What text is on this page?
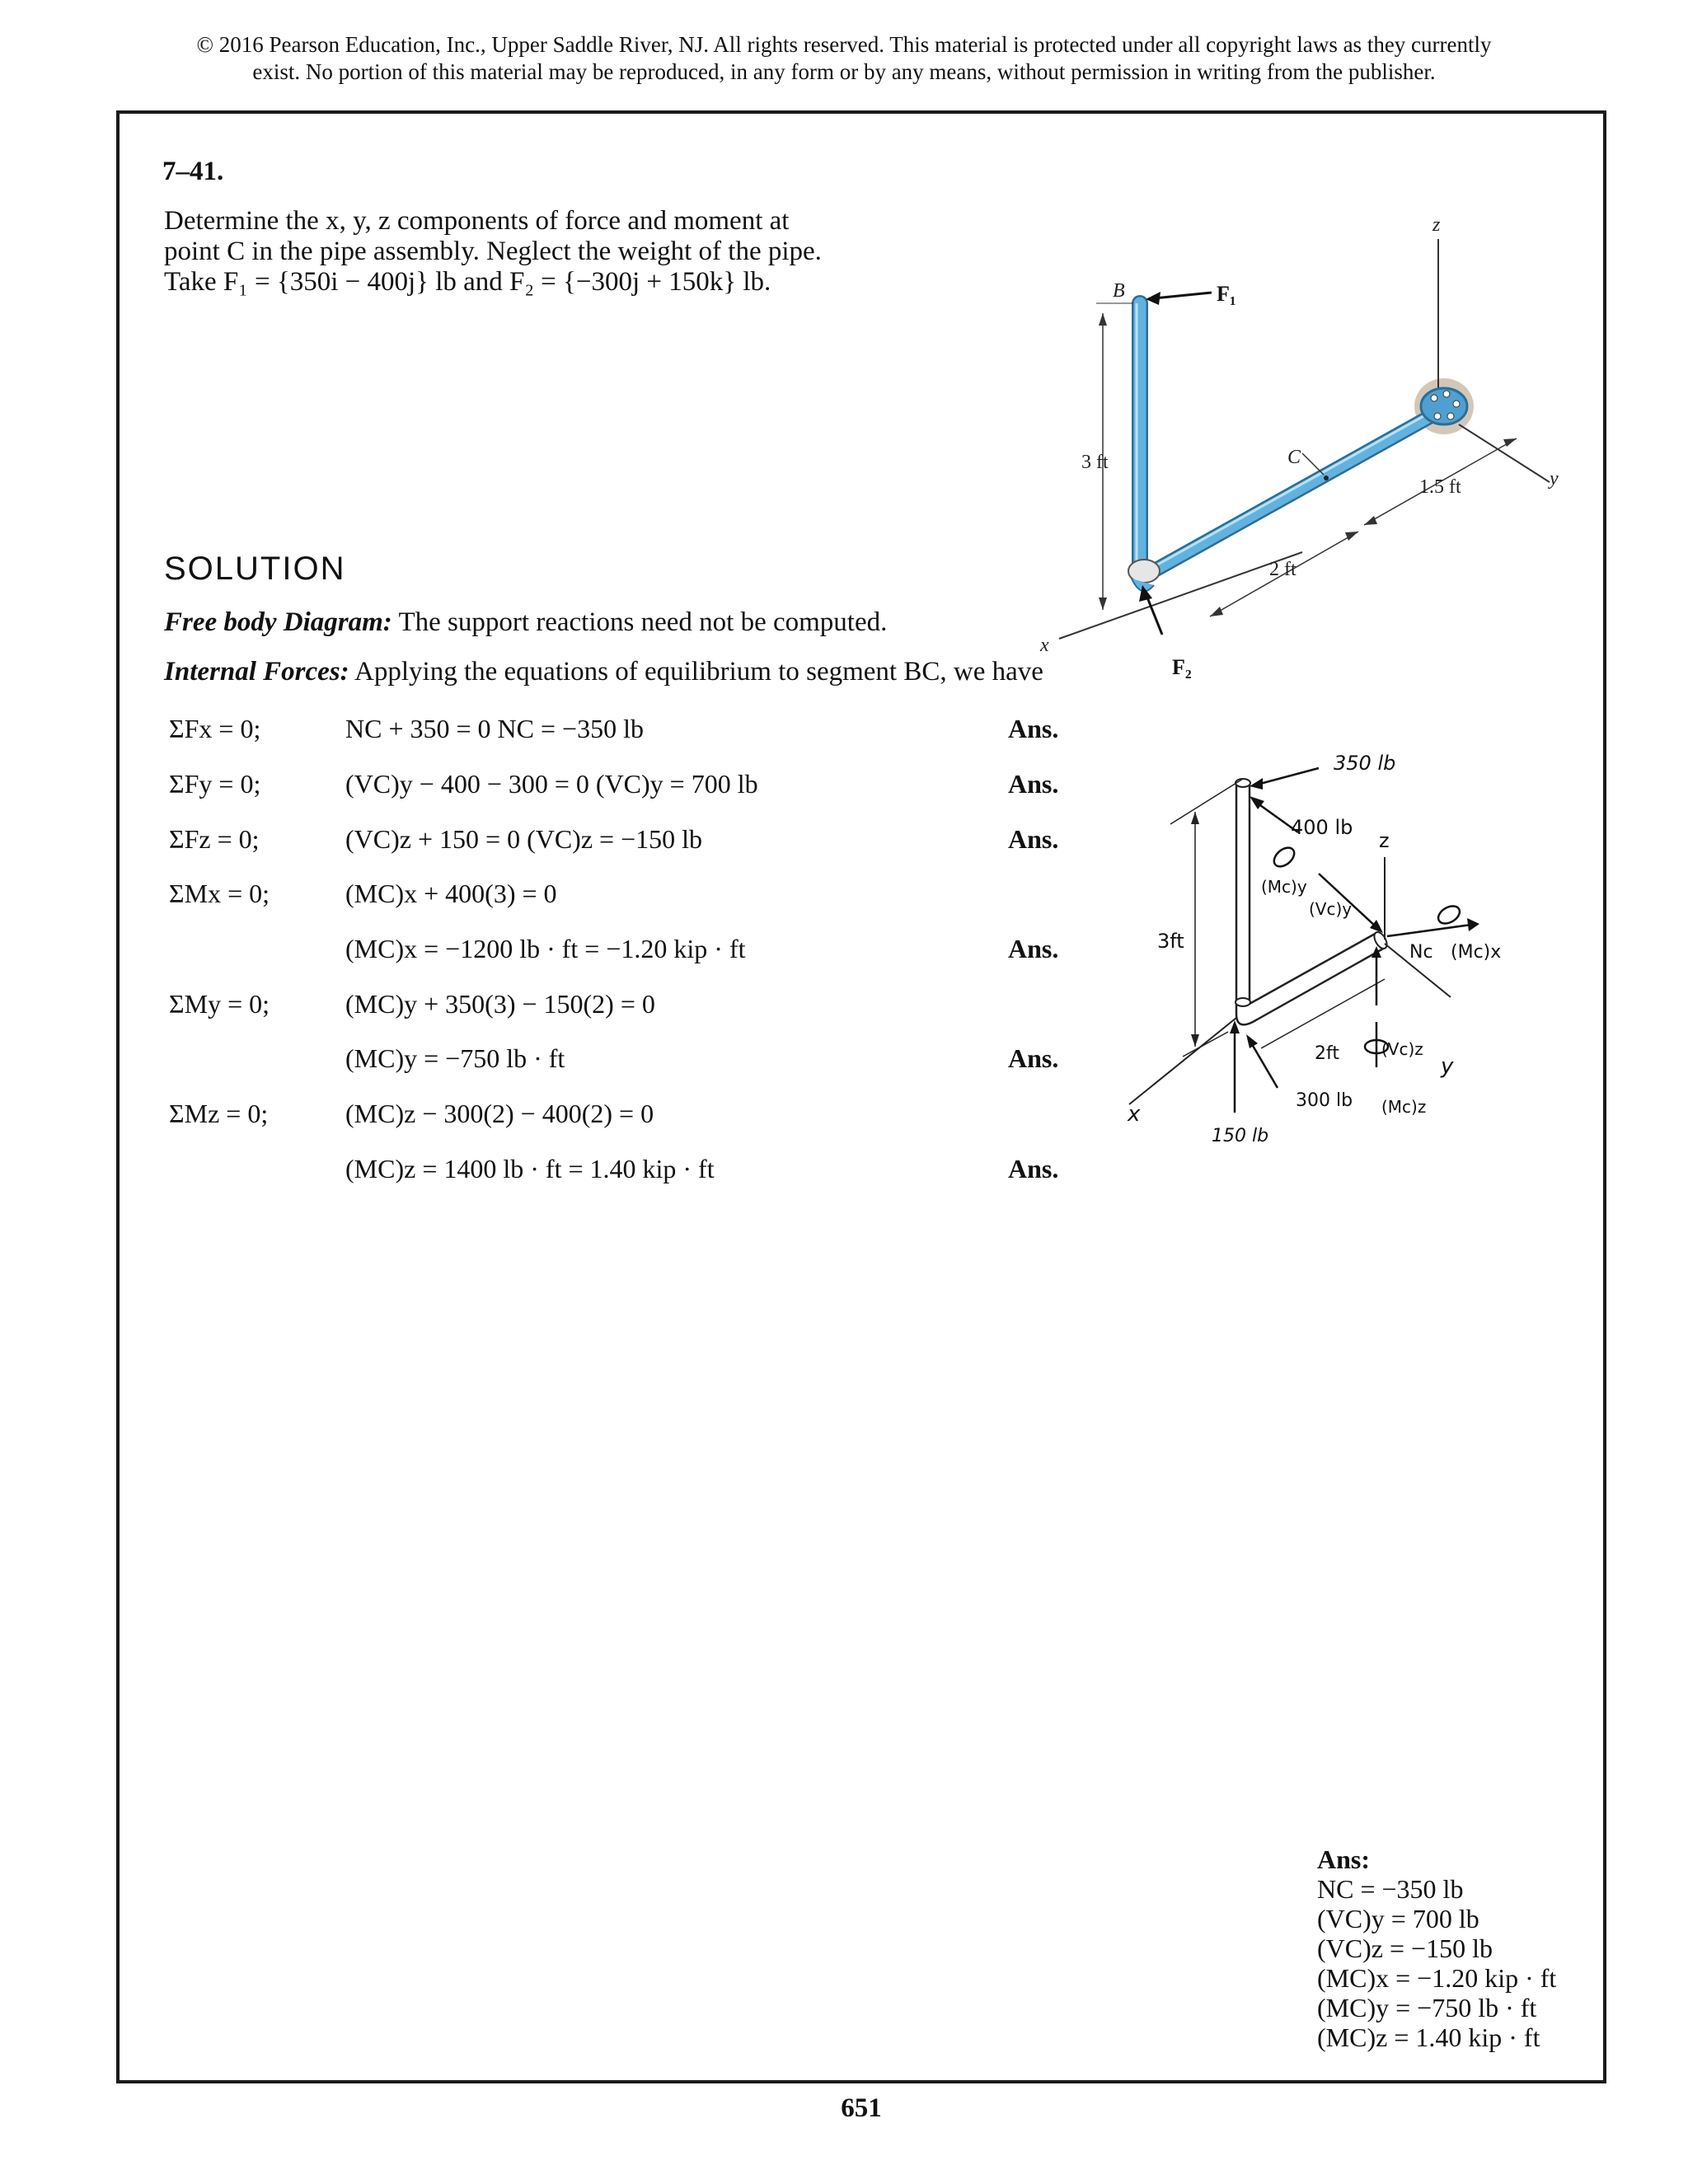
© 2016 Pearson Education, Inc., Upper Saddle River, NJ. All rights reserved. This material is protected under all copyright laws as they currently
exist. No portion of this material may be reproduced, in any form or by any means, without permission in writing from the publisher.
7–41.
Determine the x, y, z components of force and moment at
point C in the pipe assembly. Neglect the weight of the pipe.
Take F₁ = {350i − 400j} lb and F₂ = {−300j + 150k} lb.
z
y
x
B
C
F₁
F₂
3 ft
2 ft
1.5 ft
SOLUTION
Free body Diagram: The support reactions need not be computed.
Internal Forces: Applying the equations of equilibrium to segment BC, we have
ΣFx = 0;	NC + 350 = 0 NC = −350 lb	Ans.
ΣFy = 0;	(VC)y − 400 − 300 = 0 (VC)y = 700 lb	Ans.
ΣFz = 0;	(VC)z + 150 = 0 (VC)z = −150 lb	Ans.
ΣMx = 0;	(MC)x + 400(3) = 0
(MC)x = −1200 lb · ft = −1.20 kip · ft	Ans.
ΣMy = 0;	(MC)y + 350(3) − 150(2) = 0
(MC)y = −750 lb · ft	Ans.
ΣMz = 0;	(MC)z − 300(2) − 400(2) = 0
(MC)z = 1400 lb · ft = 1.40 kip · ft	Ans.
350 lb
400 lb
z
(Mc)y
(Vc)y
Nc (Mc)x
3ft
2ft	(Vc)z
y
300 lb (Mc)z
x
150 lb
Ans:
NC = −350 lb
(VC)y = 700 lb
(VC)z = −150 lb
(MC)x = −1.20 kip · ft
(MC)y = −750 lb · ft
(MC)z = 1.40 kip · ft
651
